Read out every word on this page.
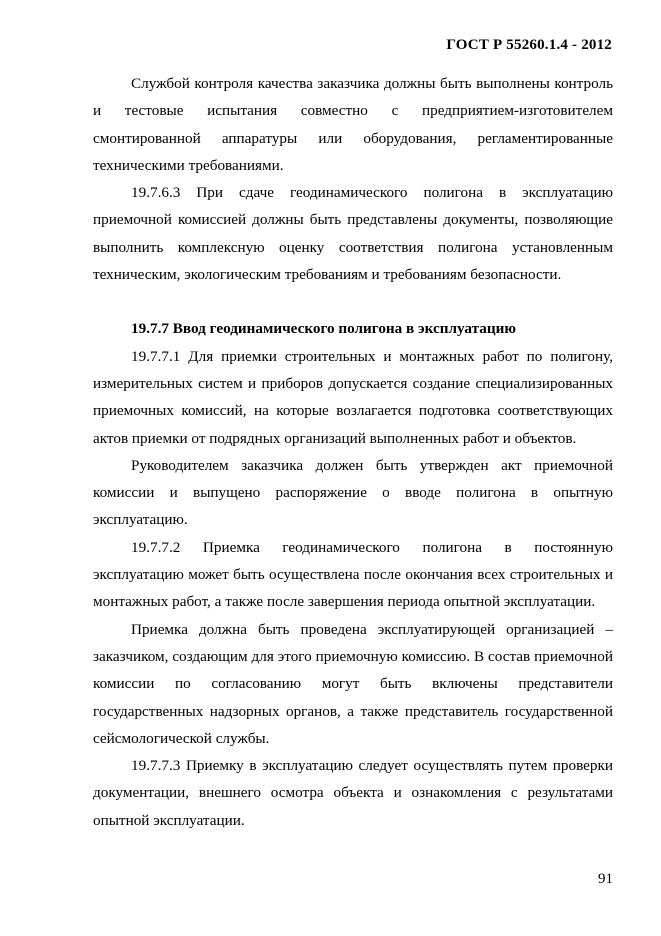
ГОСТ Р 55260.1.4 - 2012

Службой контроля качества заказчика должны быть выполнены контроль и тестовые испытания совместно с предприятием-изготовителем смонтированной аппаратуры или оборудования, регламентированные техническими требованиями.

19.7.6.3 При сдаче геодинамического полигона в эксплуатацию приемочной комиссией должны быть представлены документы, позволяющие выполнить комплексную оценку соответствия полигона установленным техническим, экологическим требованиям и требованиям безопасности.

19.7.7 Ввод геодинамического полигона в эксплуатацию

19.7.7.1 Для приемки строительных и монтажных работ по полигону, измерительных систем и приборов допускается создание специализированных приемочных комиссий, на которые возлагается подготовка соответствующих актов приемки от подрядных организаций выполненных работ и объектов.

Руководителем заказчика должен быть утвержден акт приемочной комиссии и выпущено распоряжение о вводе полигона в опытную эксплуатацию.

19.7.7.2 Приемка геодинамического полигона в постоянную эксплуатацию может быть осуществлена после окончания всех строительных и монтажных работ, а также после завершения периода опытной эксплуатации.

Приемка должна быть проведена эксплуатирующей организацией – заказчиком, создающим для этого приемочную комиссию. В состав приемочной комиссии по согласованию могут быть включены представители государственных надзорных органов, а также представитель государственной сейсмологической службы.

19.7.7.3 Приемку в эксплуатацию следует осуществлять путем проверки документации, внешнего осмотра объекта и ознакомления с результатами опытной эксплуатации.

91
